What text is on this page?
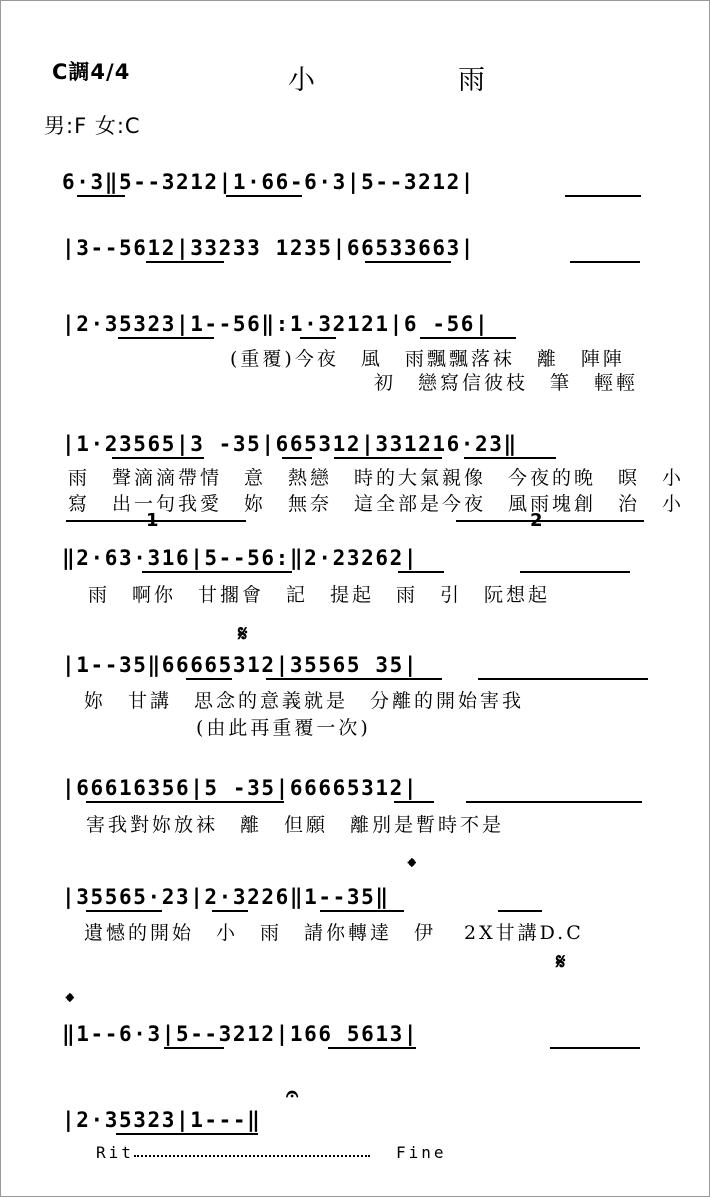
C調4/4	小　雨
男:F 女:C
6·3‖5--3212|1·66-6·3|5--3212|
|3--5612|33233 1235|66533663|
|2·35323|1--56‖:1·32121|6 -56|
(重覆)今夜　風　雨飄飄落袜　離　陣陣
初　戀寫信彼枝　筆　輕輕
|1·23565|3 -35|665312|331216·23‖
雨　聲滴滴帶情　意　熱戀　時的大氣親像　今夜的晚　暝　小
寫　出一句我愛　妳　無奈　這全部是今夜　風雨塊創　治　小
1	2
‖2·63·316|5--56:‖2·23262|
雨　啊你　甘擱會　記　提起　雨　引　阮想起
𝄋
|1--35‖66665312|35565 35|
妳　甘講　思念的意義就是　分離的開始害我
(由此再重覆一次)
|66616356|5 -35|66665312|
害我對妳放袜　離　但願　離別是暫時不是
𝄌
|35565·23|2·3226‖1--35‖
遺憾的開始　小　雨　請你轉達　伊 2X甘講D.C
𝄋
𝄌
‖1--6·3|5--3212|166 5613|
𝄐
|2·35323|1---‖
Rit	Fine
